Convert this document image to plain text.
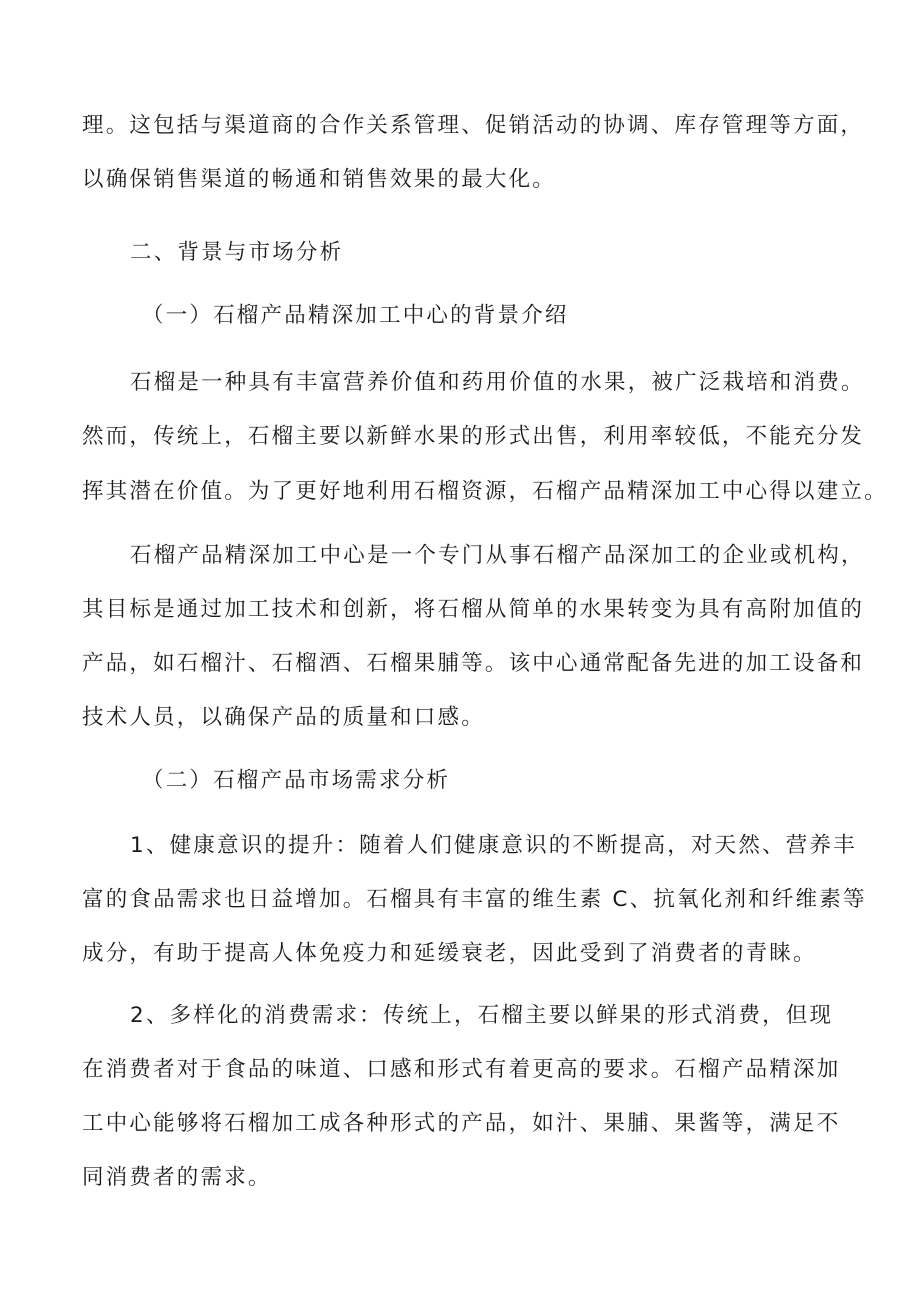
理。这包括与渠道商的合作关系管理、促销活动的协调、库存管理等方面，
以确保销售渠道的畅通和销售效果的最大化。
二、背景与市场分析
（一）石榴产品精深加工中心的背景介绍
石榴是一种具有丰富营养价值和药用价值的水果，被广泛栽培和消费。
然而，传统上，石榴主要以新鲜水果的形式出售，利用率较低，不能充分发
挥其潜在价值。为了更好地利用石榴资源，石榴产品精深加工中心得以建立。
石榴产品精深加工中心是一个专门从事石榴产品深加工的企业或机构，
其目标是通过加工技术和创新，将石榴从简单的水果转变为具有高附加值的
产品，如石榴汁、石榴酒、石榴果脯等。该中心通常配备先进的加工设备和
技术人员，以确保产品的质量和口感。
（二）石榴产品市场需求分析
1、健康意识的提升：随着人们健康意识的不断提高，对天然、营养丰
富的食品需求也日益增加。石榴具有丰富的维生素 C、抗氧化剂和纤维素等
成分，有助于提高人体免疫力和延缓衰老，因此受到了消费者的青睐。
2、多样化的消费需求：传统上，石榴主要以鲜果的形式消费，但现
在消费者对于食品的味道、口感和形式有着更高的要求。石榴产品精深加
工中心能够将石榴加工成各种形式的产品，如汁、果脯、果酱等，满足不
同消费者的需求。
